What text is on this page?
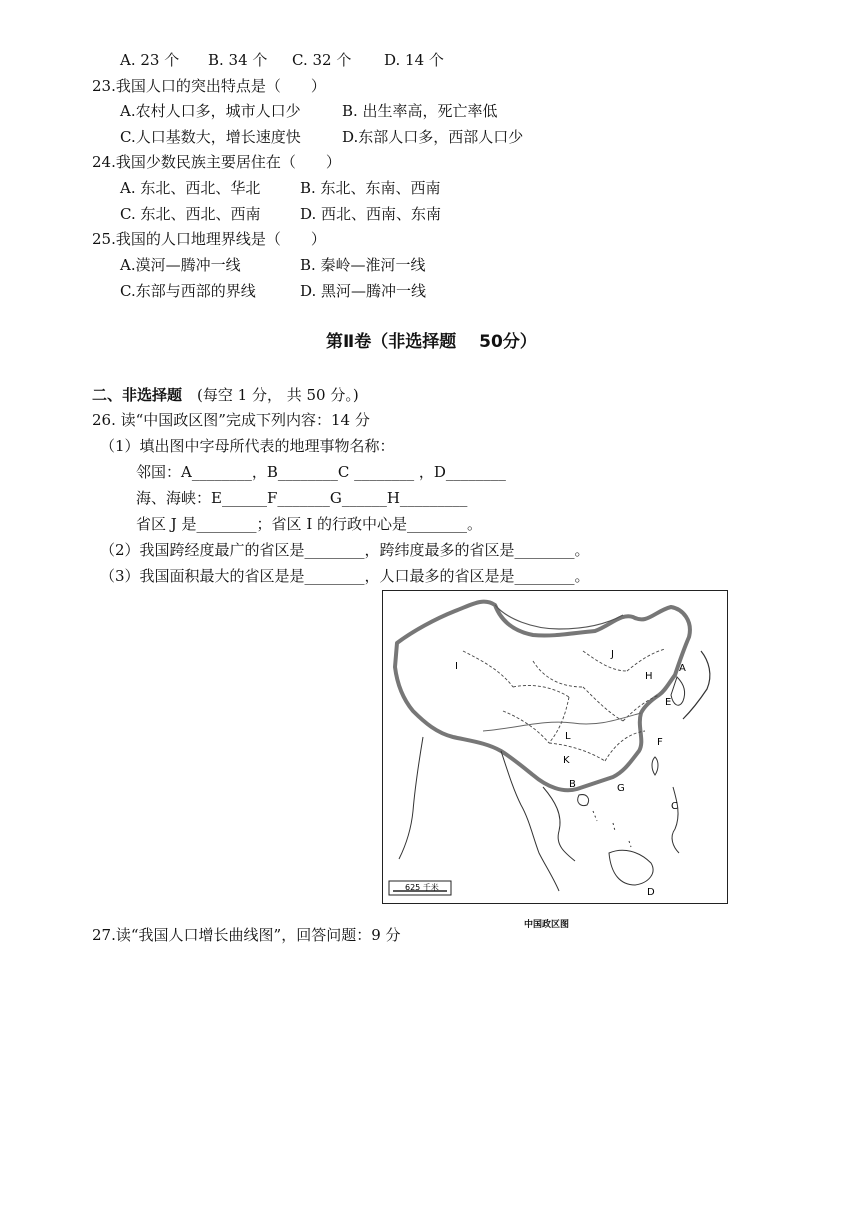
A. 23 个 B. 34 个 C. 32 个 D. 14 个
23.我国人口的突出特点是（　　）
A.农村人口多，城市人口少	B. 出生率高，死亡率低
C.人口基数大，增长速度快	D.东部人口多，西部人口少
24.我国少数民族主要居住在（　　）
A. 东北、西北、华北	B. 东北、东南、西南
C. 东北、西北、西南	D. 西北、西南、东南
25.我国的人口地理界线是（　　）
A.漠河—腾冲一线	B. 秦岭—淮河一线
C.东部与西部的界线	D. 黑河—腾冲一线
第Ⅱ卷（非选择题　 50分）
二、非选择题　(每空 1 分， 共 50 分。)
26. 读“中国政区图”完成下列内容：14 分
（1）填出图中字母所代表的地理事物名称：
邻国：A________，B________C ________ ，D________
海、海峡：E______F_______G______H_________
省区 J 是________；省区 I 的行政中心是________。
（2）我国跨经度最广的省区是________，跨纬度最多的省区是________。
（3）我国面积最大的省区是是________，人口最多的省区是是________。
I
J
H
A
E
L
K
F
B	G
C
D
625 千米
中国政区图
27.读“我国人口增长曲线图”，回答问题：9 分
